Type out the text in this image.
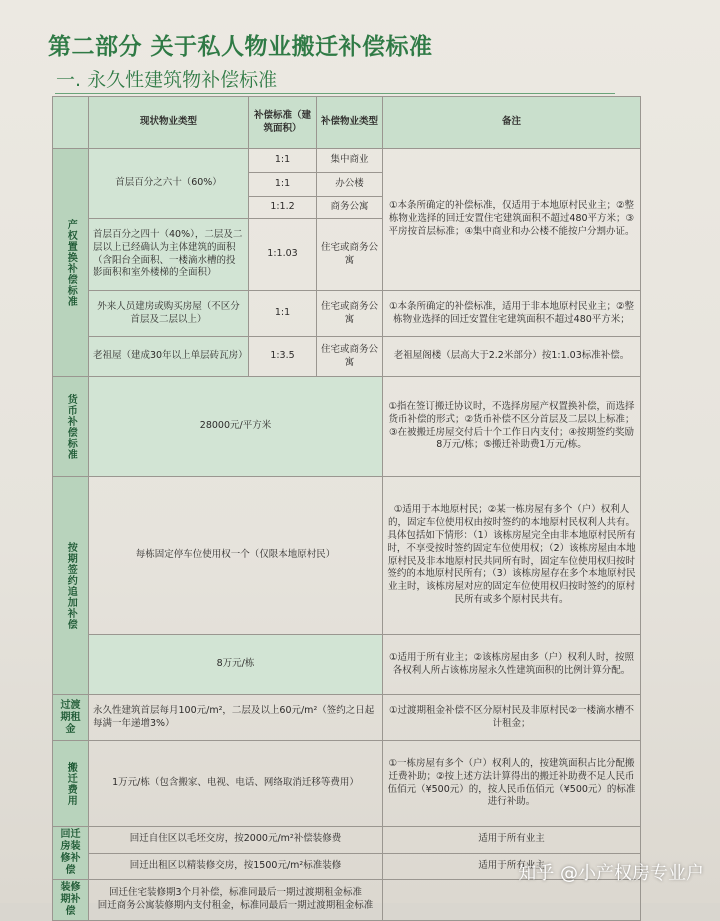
第二部分 关于私人物业搬迁补偿标准
一. 永久性建筑物补偿标准
	现状物业类型	补偿标准（建筑面积）	补偿物业类型	备注
产权置换补偿标准	首层百分之六十（60%）	1:1	集中商业	①本条所确定的补偿标准，仅适用于本地原村民业主；②整栋物业选择的回迁安置住宅建筑面积不超过480平方米；③平房按首层标准；④集中商业和办公楼不能按户分割办证。
		1:1	办公楼	
		1:1.2	商务公寓	
	首层百分之四十（40%），二层及二层以上已经确认为主体建筑的面积（含阳台全面积、一楼滴水槽的投影面积和室外楼梯的全面积）	1:1.03	住宅或商务公寓	
	外来人员建房或购买房屋（不区分首层及二层以上）	1:1	住宅或商务公寓	①本条所确定的补偿标准，适用于非本地原村民业主；②整栋物业选择的回迁安置住宅建筑面积不超过480平方米；
	老祖屋（建成30年以上单层砖瓦房）	1:3.5	住宅或商务公寓	老祖屋阁楼（层高大于2.2米部分）按1:1.03标准补偿。
货币补偿标准	28000元/平方米			①指在签订搬迁协议时，不选择房屋产权置换补偿，而选择货币补偿的形式；②货币补偿不区分首层及二层以上标准；③在被搬迁房屋交付后十个工作日内支付；④按期签约奖励8万元/栋；⑤搬迁补助费1万元/栋。
按期签约追加补偿	每栋固定停车位使用权一个（仅限本地原村民）			①适用于本地原村民；②某一栋房屋有多个（户）权利人的，固定车位使用权由按时签约的本地原村民权利人共有。具体包括如下情形：（1）该栋房屋完全由非本地原村民所有时，不享受按时签约固定车位使用权；（2）该栋房屋由本地原村民及非本地原村民共同所有时，固定车位使用权归按时签约的本地原村民所有；（3）该栋房屋存在多个本地原村民业主时，该栋房屋对应的固定车位使用权归按时签约的原村民所有或多个原村民共有。
	8万元/栋			①适用于所有业主；②该栋房屋由多（户）权利人时，按照各权利人所占该栋房屋永久性建筑面积的比例计算分配。
过渡期租金	永久性建筑首层每月100元/m²，二层及以上60元/m²（签约之日起每满一年递增3%）			①过渡期租金补偿不区分原村民及非原村民②一楼滴水槽不计租金；
搬迁费用	1万元/栋（包含搬家、电视、电话、网络取消迁移等费用）			①一栋房屋有多个（户）权利人的，按建筑面积占比分配搬迁费补助；②按上述方法计算得出的搬迁补助费不足人民币伍佰元（¥500元）的，按人民币伍佰元（¥500元）的标准进行补助。
回迁房装修补偿	回迁自住区以毛坯交房，按2000元/m²补偿装修费			适用于所有业主
	回迁出租区以精装修交房，按1500元/m²标准装修			适用于所有业主
装修期补偿	回迁住宅装修期3个月补偿，标准同最后一期过渡期租金标准
回迁商务公寓装修期内支付租金，标准同最后一期过渡期租金标准			

知乎 @小产权房专业户
